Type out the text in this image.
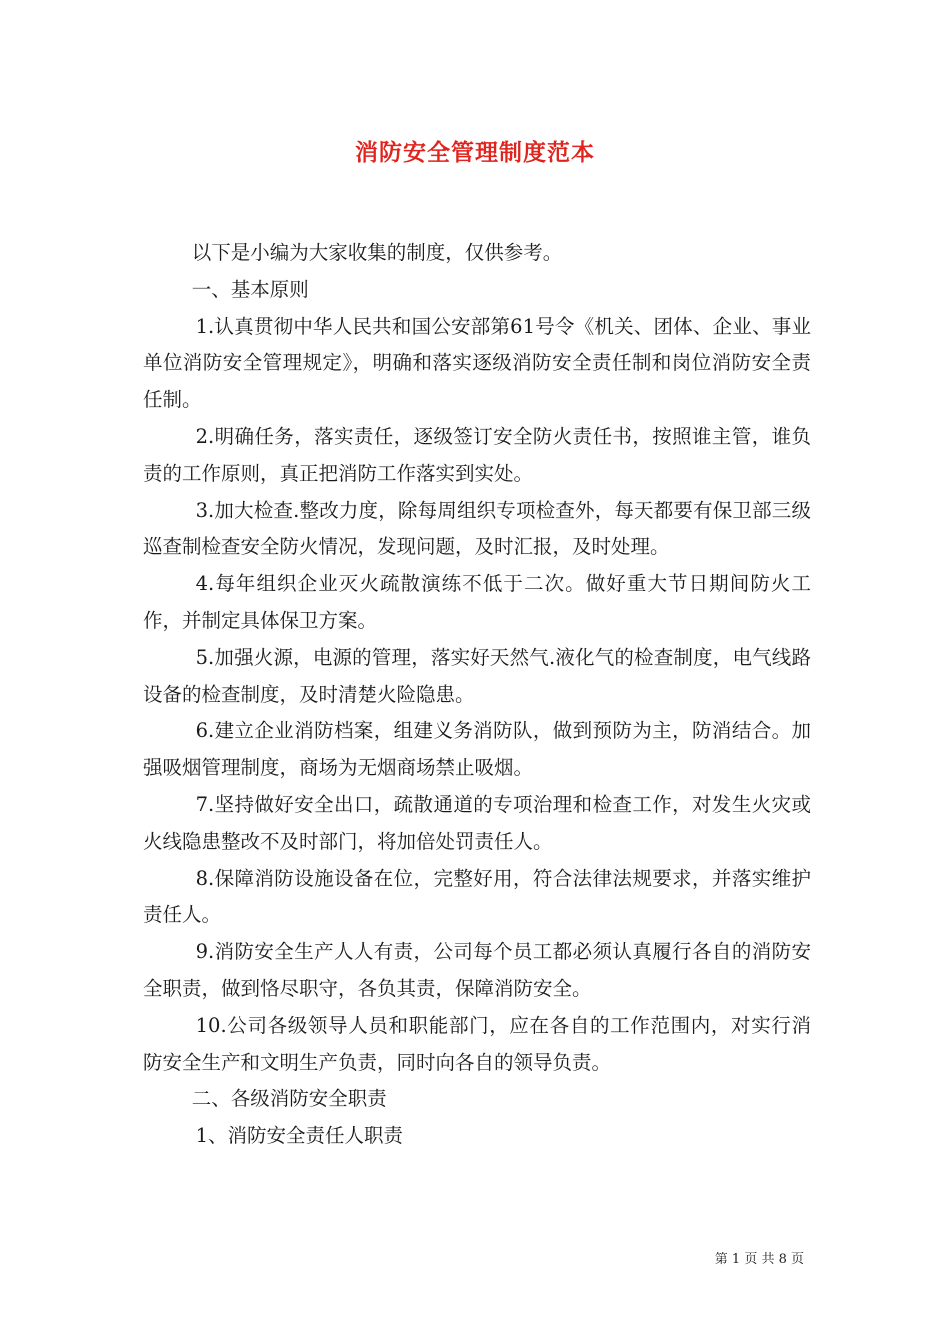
消防安全管理制度范本

以下是小编为大家收集的制度，仅供参考。

一、基本原则

1.认真贯彻中华人民共和国公安部第61号令《机关、团体、企业、事业单位消防安全管理规定》，明确和落实逐级消防安全责任制和岗位消防安全责任制。

2.明确任务，落实责任，逐级签订安全防火责任书，按照谁主管，谁负责的工作原则，真正把消防工作落实到实处。

3.加大检查.整改力度，除每周组织专项检查外，每天都要有保卫部三级巡查制检查安全防火情况，发现问题，及时汇报，及时处理。

4.每年组织企业灭火疏散演练不低于二次。做好重大节日期间防火工作，并制定具体保卫方案。

5.加强火源，电源的管理，落实好天然气.液化气的检查制度，电气线路设备的检查制度，及时清楚火险隐患。

6.建立企业消防档案，组建义务消防队，做到预防为主，防消结合。加强吸烟管理制度，商场为无烟商场禁止吸烟。

7.坚持做好安全出口，疏散通道的专项治理和检查工作，对发生火灾或火线隐患整改不及时部门，将加倍处罚责任人。

8.保障消防设施设备在位，完整好用，符合法律法规要求，并落实维护责任人。

9.消防安全生产人人有责，公司每个员工都必须认真履行各自的消防安全职责，做到恪尽职守，各负其责，保障消防安全。

10.公司各级领导人员和职能部门，应在各自的工作范围内，对实行消防安全生产和文明生产负责，同时向各自的领导负责。

二、各级消防安全职责

1、消防安全责任人职责

第 1 页 共 8 页
